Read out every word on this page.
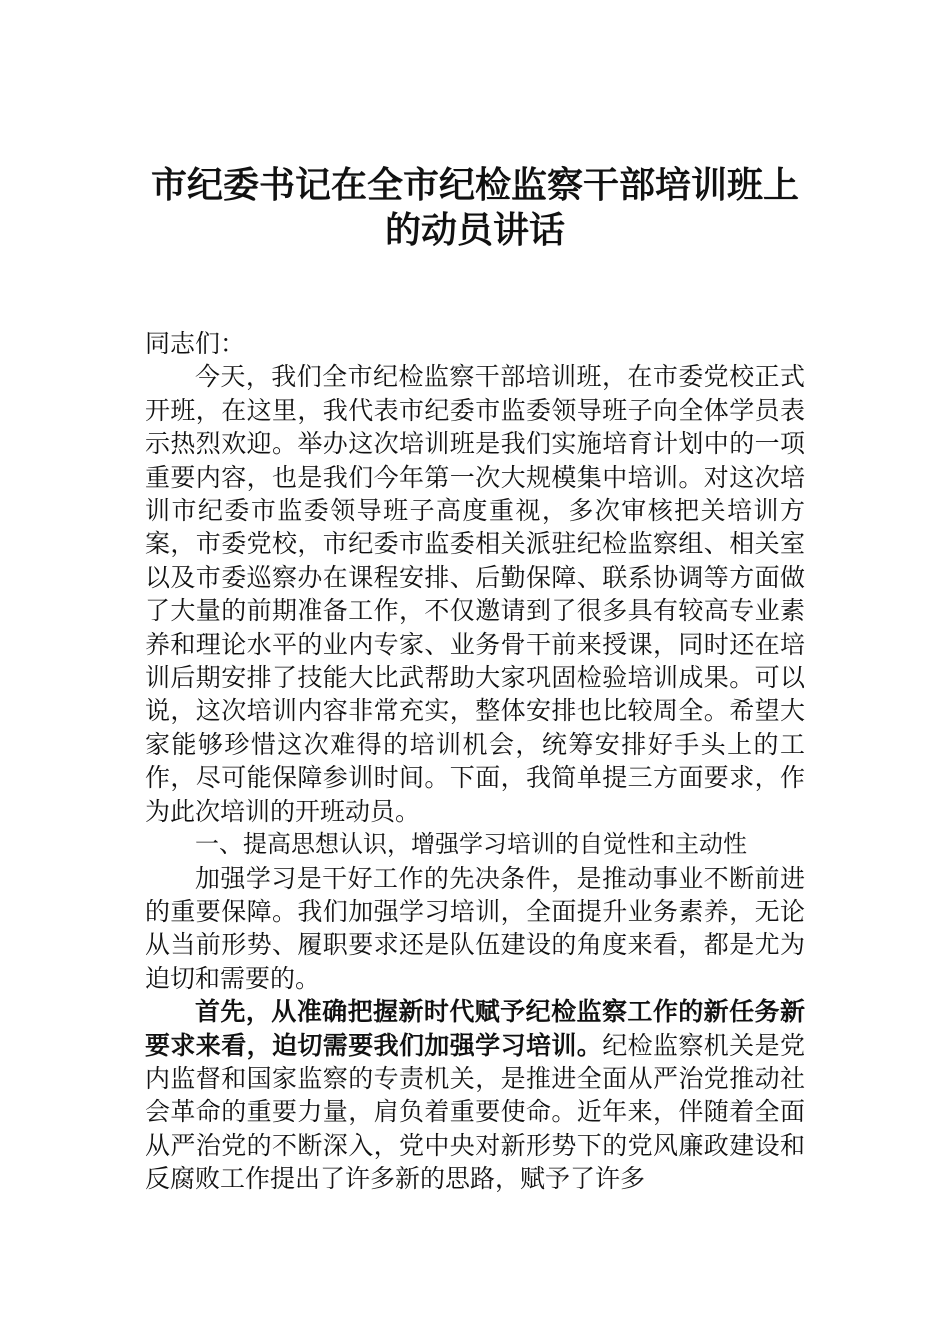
市纪委书记在全市纪检监察干部培训班上
的动员讲话

同志们：

今天，我们全市纪检监察干部培训班，在市委党校正式开班，在这里，我代表市纪委市监委领导班子向全体学员表示热烈欢迎。举办这次培训班是我们实施培育计划中的一项重要内容，也是我们今年第一次大规模集中培训。对这次培训市纪委市监委领导班子高度重视，多次审核把关培训方案，市委党校，市纪委市监委相关派驻纪检监察组、相关室以及市委巡察办在课程安排、后勤保障、联系协调等方面做了大量的前期准备工作，不仅邀请到了很多具有较高专业素养和理论水平的业内专家、业务骨干前来授课，同时还在培训后期安排了技能大比武帮助大家巩固检验培训成果。可以说，这次培训内容非常充实，整体安排也比较周全。希望大家能够珍惜这次难得的培训机会，统筹安排好手头上的工作，尽可能保障参训时间。下面，我简单提三方面要求，作为此次培训的开班动员。

一、提高思想认识，增强学习培训的自觉性和主动性

加强学习是干好工作的先决条件，是推动事业不断前进的重要保障。我们加强学习培训，全面提升业务素养，无论从当前形势、履职要求还是队伍建设的角度来看，都是尤为迫切和需要的。

首先，从准确把握新时代赋予纪检监察工作的新任务新要求来看，迫切需要我们加强学习培训。纪检监察机关是党内监督和国家监察的专责机关，是推进全面从严治党推动社会革命的重要力量，肩负着重要使命。近年来，伴随着全面从严治党的不断深入，党中央对新形势下的党风廉政建设和反腐败工作提出了许多新的思路，赋予了许多
